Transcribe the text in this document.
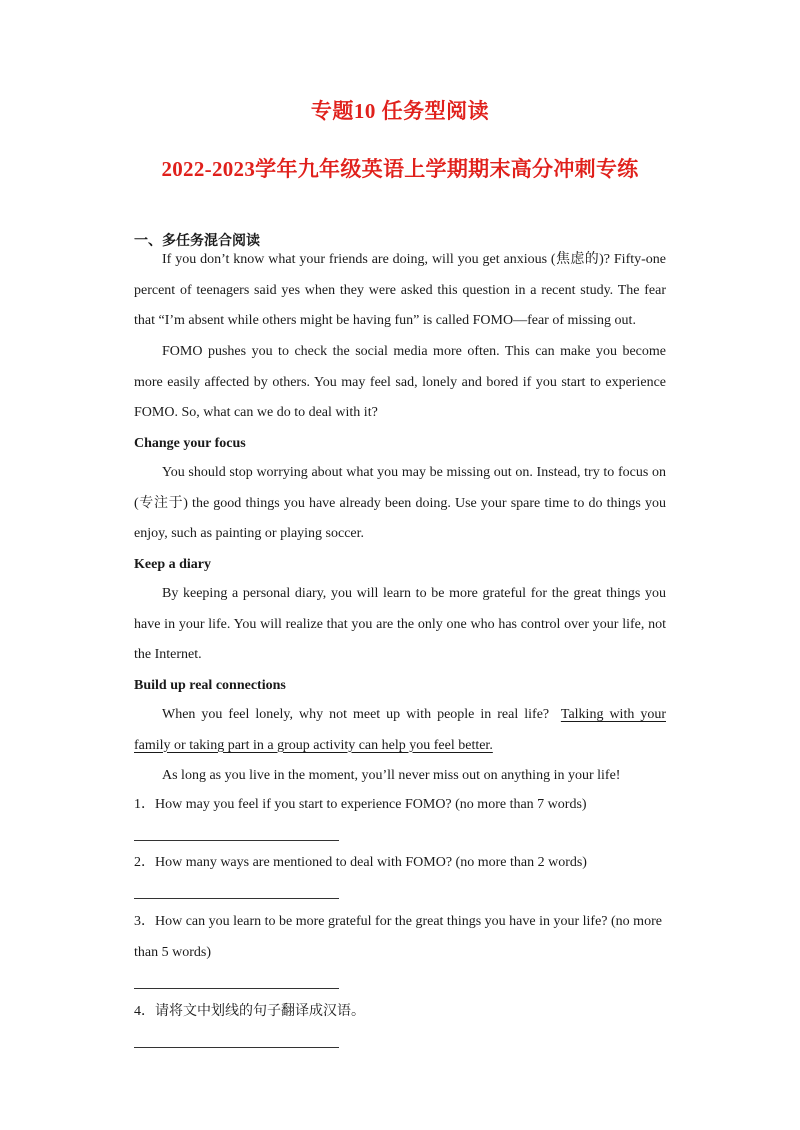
专题10 任务型阅读
2022-2023学年九年级英语上学期期末高分冲刺专练
一、多任务混合阅读
If you don’t know what your friends are doing, will you get anxious (焦虑的)? Fifty-one percent of teenagers said yes when they were asked this question in a recent study. The fear that “I’m absent while others might be having fun” is called FOMO—fear of missing out.
FOMO pushes you to check the social media more often. This can make you become more easily affected by others. You may feel sad, lonely and bored if you start to experience FOMO. So, what can we do to deal with it?
Change your focus
You should stop worrying about what you may be missing out on. Instead, try to focus on (专注于) the good things you have already been doing. Use your spare time to do things you enjoy, such as painting or playing soccer.
Keep a diary
By keeping a personal diary, you will learn to be more grateful for the great things you have in your life. You will realize that you are the only one who has control over your life, not the Internet.
Build up real connections
When you feel lonely, why not meet up with people in real life? Talking with your family or taking part in a group activity can help you feel better.
As long as you live in the moment, you’ll never miss out on anything in your life!
1．How may you feel if you start to experience FOMO? (no more than 7 words)
2．How many ways are mentioned to deal with FOMO? (no more than 2 words)
3．How can you learn to be more grateful for the great things you have in your life? (no more than 5 words)
4．请将文中划线的句子翻译成汉语。
